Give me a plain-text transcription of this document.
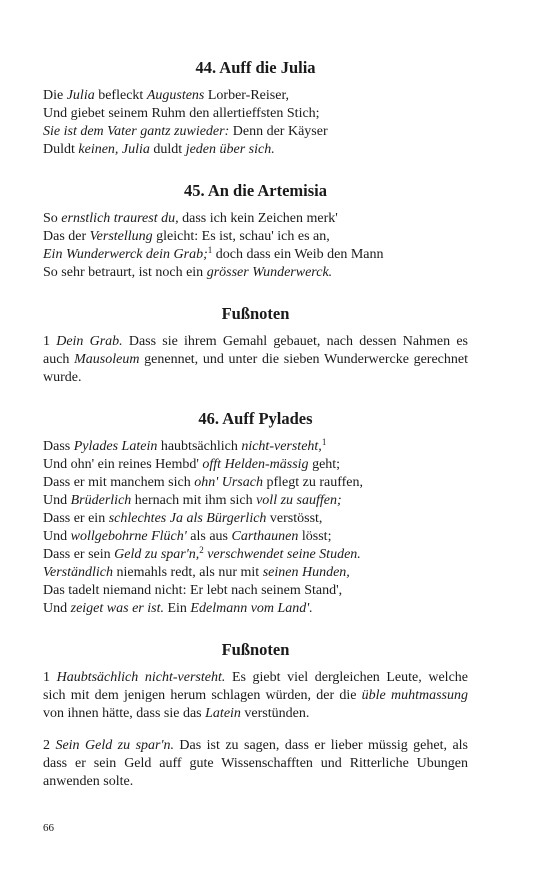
44. Auff die Julia
Die Julia befleckt Augustens Lorber-Reiser,
Und giebet seinem Ruhm den allertieffsten Stich;
Sie ist dem Vater gantz zuwieder: Denn der Käyser
Duldt keinen, Julia duldt jeden über sich.
45. An die Artemisia
So ernstlich traurest du, dass ich kein Zeichen merk'
Das der Verstellung gleicht: Es ist, schau' ich es an,
Ein Wunderwerck dein Grab;$^1$ doch dass ein Weib den Mann
So sehr betraurt, ist noch ein grösser Wunderwerck.
Fußnoten

1 Dein Grab. Dass sie ihrem Gemahl gebauet, nach dessen Nahmen es auch Mausoleum genennet, und unter die sieben Wunderwercke gerechnet wurde.

46. Auff Pylades
Dass Pylades Latein haubtsächlich nicht-versteht,$^1$
Und ohn' ein reines Hembd' offt Helden-mässig geht;
Dass er mit manchem sich ohn' Ursach pflegt zu rauffen,
Und Brüderlich hernach mit ihm sich voll zu sauffen;
Dass er ein schlechtes Ja als Bürgerlich verstösst,
Und wollgebohrne Flüch' als aus Carthaunen lösst;
Dass er sein Geld zu spar'n,$^2$ verschwendet seine Studen.
Verständlich niemahls redt, als nur mit seinen Hunden,
Das tadelt niemand nicht: Er lebt nach seinem Stand',
Und zeiget was er ist. Ein Edelmann vom Land'.
Fußnoten

1 Haubtsächlich nicht-versteht. Es giebt viel dergleichen Leute, welche sich mit dem jenigen herum schlagen würden, der die üble muhtmassung von ihnen hätte, dass sie das Latein verstünden.

2 Sein Geld zu spar'n. Das ist zu sagen, dass er lieber müssig gehet, als dass er sein Geld auff gute Wissenschafften und Ritterliche Ubungen anwenden solte.

66
